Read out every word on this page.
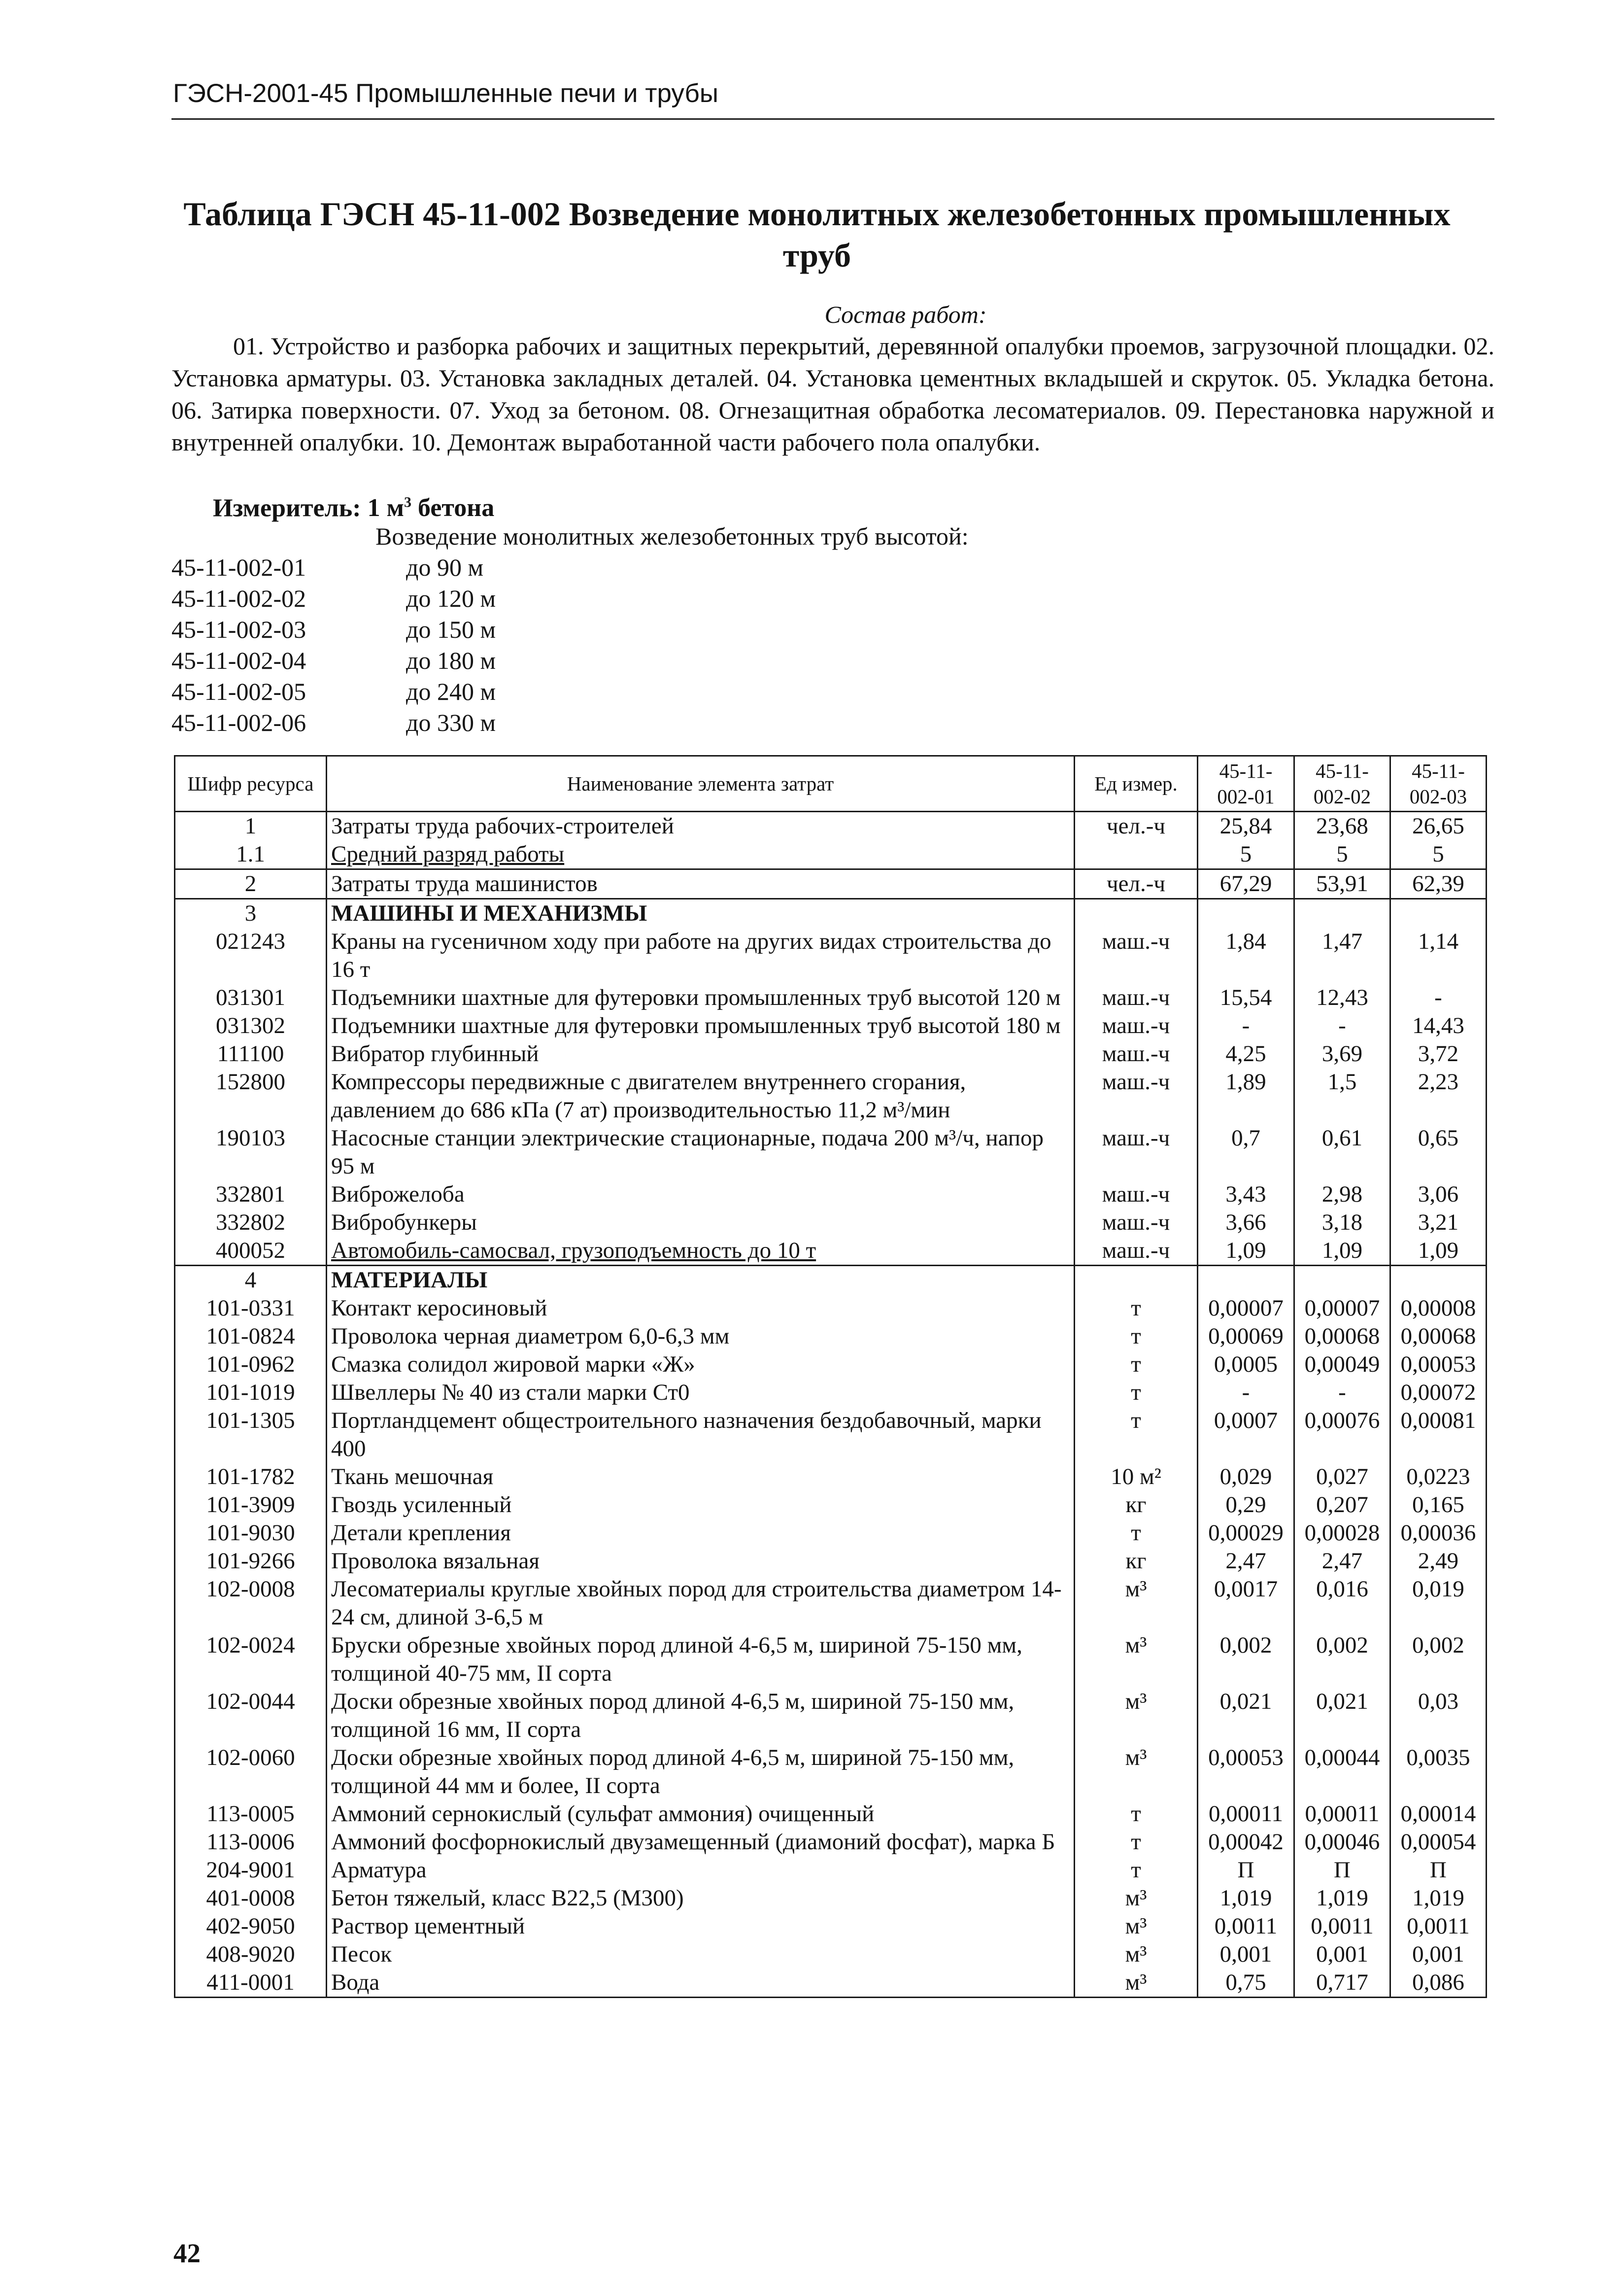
ГЭСН-2001-45 Промышленные печи и трубы
Таблица ГЭСН 45-11-002 Возведение монолитных железобетонных промышленных
труб
Состав работ:
01. Устройство и разборка рабочих и защитных перекрытий, деревянной опалубки проемов, загрузочной площадки. 02. Установка арматуры. 03. Установка закладных деталей. 04. Установка цементных вкладышей и скруток. 05. Укладка бетона. 06. Затирка поверхности. 07. Уход за бетоном. 08. Огнезащитная обработка лесоматериалов. 09. Перестановка наружной и внутренней опалубки. 10. Демонтаж выработанной части рабочего пола опалубки.
Измеритель: 1 $м^3$ бетона
Возведение монолитных железобетонных труб высотой:
45-11-002-01	до 90 м
45-11-002-02	до 120 м
45-11-002-03	до 150 м
45-11-002-04	до 180 м
45-11-002-05	до 240 м
45-11-002-06	до 330 м
Шифр ресурса	Наименование элемента затрат	Ед измер.	45-11-002-01	45-11-002-02	45-11-002-03
1	Затраты труда рабочих-строителей	чел.-ч	25,84	23,68	26,65
1.1	Средний разряд работы		5	5	5
2	Затраты труда машинистов	чел.-ч	67,29	53,91	62,39
3	МАШИНЫ И МЕХАНИЗМЫ				
021243	Краны на гусеничном ходу при работе на других видах строительства до 16 т	маш.-ч	1,84	1,47	1,14
031301	Подъемники шахтные для футеровки промышленных труб высотой 120 м	маш.-ч	15,54	12,43	-
031302	Подъемники шахтные для футеровки промышленных труб высотой 180 м	маш.-ч	-	-	14,43
111100	Вибратор глубинный	маш.-ч	4,25	3,69	3,72
152800	Компрессоры передвижные с двигателем внутреннего сгорания, давлением до 686 кПа (7 ат) производительностью 11,2 м³/мин	маш.-ч	1,89	1,5	2,23
190103	Насосные станции электрические стационарные, подача 200 м³/ч, напор 95 м	маш.-ч	0,7	0,61	0,65
332801	Виброжелоба	маш.-ч	3,43	2,98	3,06
332802	Вибробункеры	маш.-ч	3,66	3,18	3,21
400052	Автомобиль-самосвал, грузоподъемность до 10 т	маш.-ч	1,09	1,09	1,09
4	МАТЕРИАЛЫ				
101-0331	Контакт керосиновый	т	0,00007	0,00007	0,00008
101-0824	Проволока черная диаметром 6,0-6,3 мм	т	0,00069	0,00068	0,00068
101-0962	Смазка солидол жировой марки «Ж»	т	0,0005	0,00049	0,00053
101-1019	Швеллеры № 40 из стали марки Ст0	т	-	-	0,00072
101-1305	Портландцемент общестроительного назначения бездобавочный, марки 400	т	0,0007	0,00076	0,00081
101-1782	Ткань мешочная	10 м²	0,029	0,027	0,0223
101-3909	Гвоздь усиленный	кг	0,29	0,207	0,165
101-9030	Детали крепления	т	0,00029	0,00028	0,00036
101-9266	Проволока вязальная	кг	2,47	2,47	2,49
102-0008	Лесоматериалы круглые хвойных пород для строительства диаметром 14-24 см, длиной 3-6,5 м	м³	0,0017	0,016	0,019
102-0024	Бруски обрезные хвойных пород длиной 4-6,5 м, шириной 75-150 мм, толщиной 40-75 мм, II сорта	м³	0,002	0,002	0,002
102-0044	Доски обрезные хвойных пород длиной 4-6,5 м, шириной 75-150 мм, толщиной 16 мм, II сорта	м³	0,021	0,021	0,03
102-0060	Доски обрезные хвойных пород длиной 4-6,5 м, шириной 75-150 мм, толщиной 44 мм и более, II сорта	м³	0,00053	0,00044	0,0035
113-0005	Аммоний сернокислый (сульфат аммония) очищенный	т	0,00011	0,00011	0,00014
113-0006	Аммоний фосфорнокислый двузамещенный (диамоний фосфат), марка Б	т	0,00042	0,00046	0,00054
204-9001	Арматура	т	П	П	П
401-0008	Бетон тяжелый, класс В22,5 (М300)	м³	1,019	1,019	1,019
402-9050	Раствор цементный	м³	0,0011	0,0011	0,0011
408-9020	Песок	м³	0,001	0,001	0,001
411-0001	Вода	м³	0,75	0,717	0,086
42
